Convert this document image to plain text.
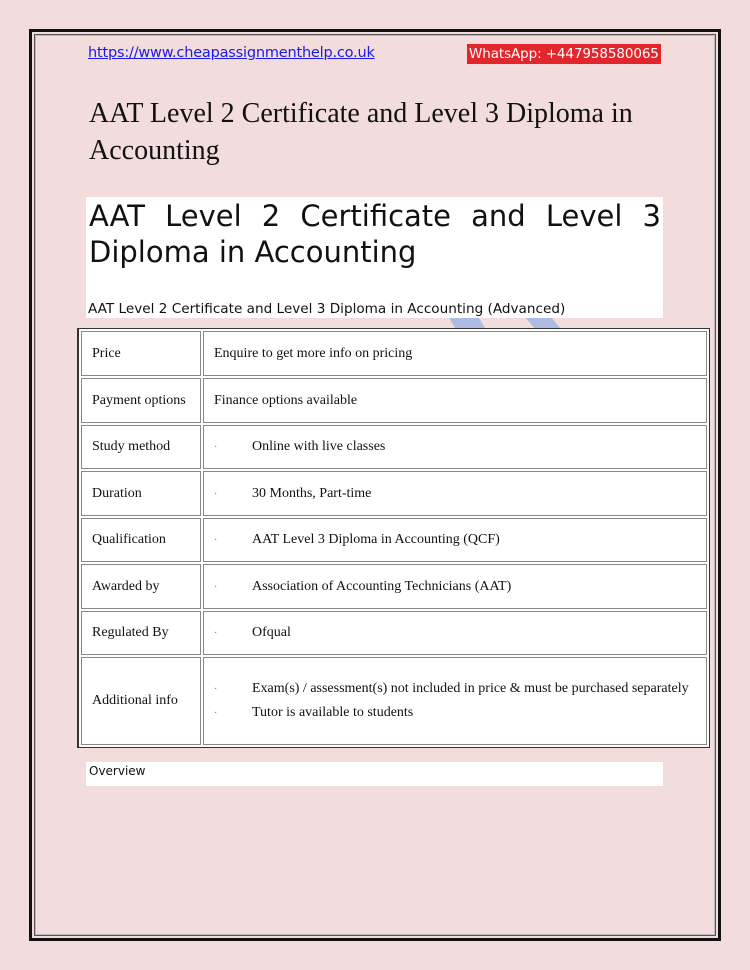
https://www.cheapassignmenthelp.co.uk	WhatsApp: +447958580065
AAT Level 2 Certificate and Level 3 Diploma in Accounting
AAT Level 2 Certificate and Level 3 Diploma in Accounting
AAT Level 2 Certificate and Level 3 Diploma in Accounting (Advanced)
Price	Enquire to get more info on pricing
Payment options	Finance options available
Study method	· Online with live classes
Duration	· 30 Months, Part-time
Qualification	· AAT Level 3 Diploma in Accounting (QCF)
Awarded by	· Association of Accounting Technicians (AAT)
Regulated By	· Ofqual
Additional info	· Exam(s) / assessment(s) not included in price & must be purchased separately
· Tutor is available to students
Overview
